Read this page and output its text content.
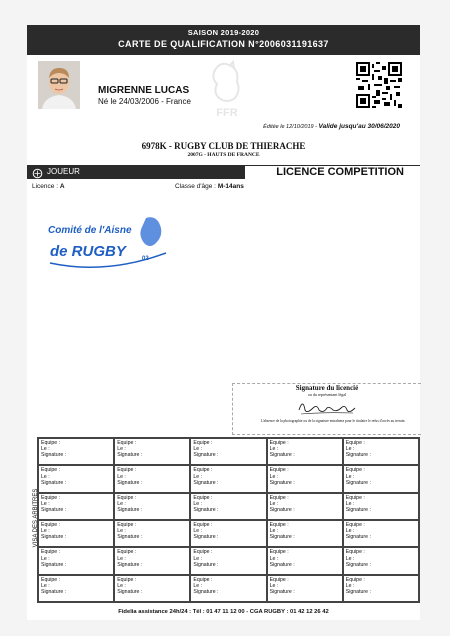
SAISON 2019-2020
CARTE DE QUALIFICATION N°2006031191637
MIGRENNE LUCAS
Né le 24/03/2006 - France
FFR
Éditée le 12/10/2019 - Valide jusqu'au 30/06/2020
6978K - RUGBY CLUB DE THIERACHE
2007G - HAUTS DE FRANCE
JOUEUR	LICENCE COMPETITION
Licence : A	Classe d'âge : M-14ans
Comité de l'Aisne
de RUGBY	02
Signature du licencié
ou du représentant légal
L'absence de la photographie ou de la signature entraînera pour le titulaire le refus d'accès au terrain.
VISA DES ARBITRES
Equipe :
Le :
Signature :
Equipe :
Le :
Signature :
Equipe :
Le :
Signature :
Equipe :
Le :
Signature :
Equipe :
Le :
Signature :
Equipe :
Le :
Signature :
Equipe :
Le :
Signature :
Equipe :
Le :
Signature :
Equipe :
Le :
Signature :
Equipe :
Le :
Signature :
Equipe :
Le :
Signature :
Equipe :
Le :
Signature :
Equipe :
Le :
Signature :
Equipe :
Le :
Signature :
Equipe :
Le :
Signature :
Equipe :
Le :
Signature :
Equipe :
Le :
Signature :
Equipe :
Le :
Signature :
Equipe :
Le :
Signature :
Equipe :
Le :
Signature :
Equipe :
Le :
Signature :
Equipe :
Le :
Signature :
Equipe :
Le :
Signature :
Equipe :
Le :
Signature :
Equipe :
Le :
Signature :
Equipe :
Le :
Signature :
Equipe :
Le :
Signature :
Equipe :
Le :
Signature :
Equipe :
Le :
Signature :
Equipe :
Le :
Signature :
Fidelia assistance 24h/24 : Tél : 01 47 11 12 00 - CGA RUGBY : 01 42 12 26 42
